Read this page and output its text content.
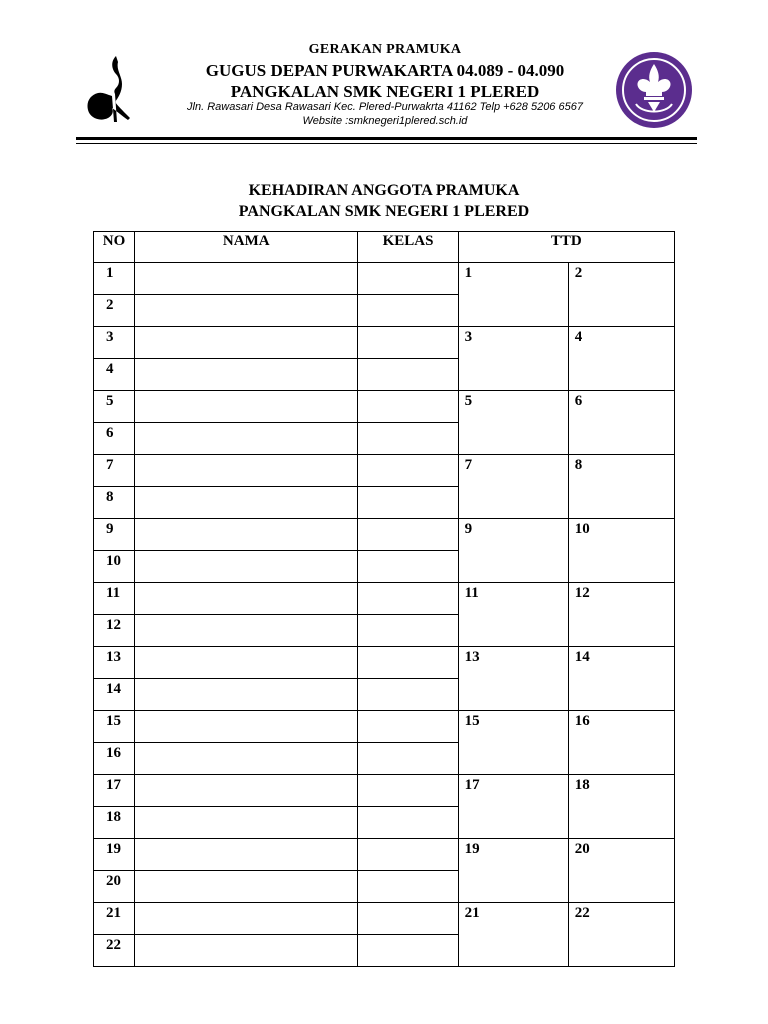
GERAKAN PRAMUKA
GUGUS DEPAN PURWAKARTA 04.089 - 04.090
PANGKALAN SMK NEGERI 1 PLERED
Jln. Rawasari Desa Rawasari Kec. Plered-Purwakrta 41162 Telp +628 5206 6567
Website :smknegeri1plered.sch.id
KEHADIRAN ANGGOTA PRAMUKA
PANGKALAN SMK NEGERI 1 PLERED
NO	NAMA	KELAS	TTD	
1			1	2
2				
3			3	4
4				
5			5	6
6				
7			7	8
8				
9			9	10
10				
11			11	12
12				
13			13	14
14				
15			15	16
16				
17			17	18
18				
19			19	20
20				
21			21	22
22				
